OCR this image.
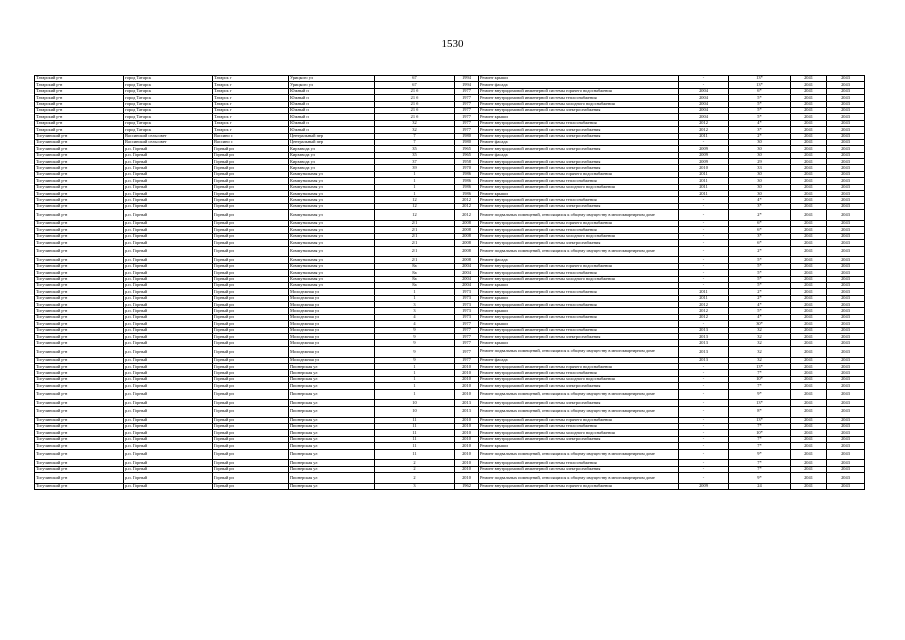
1530
Татарский р-н	город Татарск	Татарск г	Урицкого ул	67	1994	Ремонт крыши	-	13*	2041	2043
Татарский р-н	город Татарск	Татарск г	Урицкого ул	67	1994	Ремонт фасада	-	13*	2041	2043
Татарский р-н	город Татарск	Татарск г	Южный п	21 б	1977	Ремонт внутридомовой инженерной системы горячего водоснабжения	2004	6*	2041	2043
Татарский р-н	город Татарск	Татарск г	Южный п	21 б	1977	Ремонт внутридомовой инженерной системы теплоснабжения	2004	5*	2041	2043
Татарский р-н	город Татарск	Татарск г	Южный п	21 б	1977	Ремонт внутридомовой инженерной системы холодного водоснабжения	2004	5*	2041	2043
Татарский р-н	город Татарск	Татарск г	Южный п	21 б	1977	Ремонт внутридомовой инженерной системы электроснабжения	2004	5*	2041	2043
Татарский р-н	город Татарск	Татарск г	Южный п	21 б	1977	Ремонт крыши	2004	5*	2041	2043
Татарский р-н	город Татарск	Татарск г	Южный п	32	1977	Ремонт внутридомовой инженерной системы теплоснабжения	2012	4*	2041	2043
Татарский р-н	город Татарск	Татарск г	Южный п	32	1977	Ремонт внутридомовой инженерной системы электроснабжения	2012	3*	2041	2043
Тогучинский р-н	Вассинский сельсовет	Вассино с	Центральный пер	7	1980	Ремонт внутридомовой инженерной системы электроснабжения	2011	2*	2041	2043
Тогучинский р-н	Вассинский сельсовет	Вассино с	Центральный пер	7	1980	Ремонт фасада	-	30	2041	2043
Тогучинский р-н	р.п. Горный	Горный рп	Кирзавода ул	35	1965	Ремонт внутридомовой инженерной системы электроснабжения	2009	30	2041	2043
Тогучинский р-н	р.п. Горный	Горный рп	Кирзавода ул	35	1965	Ремонт фасада	2009	30	2041	2043
Тогучинский р-н	р.п. Горный	Горный рп	Кирзавода ул	37	1958	Ремонт внутридомовой инженерной системы электроснабжения	2009	29	2041	2043
Тогучинский р-н	р.п. Горный	Горный рп	Кирзавода ул	39	1970	Ремонт внутридомовой инженерной системы электроснабжения	2010	33	2041	2043
Тогучинский р-н	р.п. Горный	Горный рп	Коммунальная ул	1	1986	Ремонт внутридомовой инженерной системы горячего водоснабжения	2011	30	2041	2043
Тогучинский р-н	р.п. Горный	Горный рп	Коммунальная ул	1	1986	Ремонт внутридомовой инженерной системы теплоснабжения	2011	30	2041	2043
Тогучинский р-н	р.п. Горный	Горный рп	Коммунальная ул	1	1986	Ремонт внутридомовой инженерной системы холодного водоснабжения	2011	30	2041	2043
Тогучинский р-н	р.п. Горный	Горный рп	Коммунальная ул	1	1986	Ремонт крыши	2011	30	2041	2043
Тогучинский р-н	р.п. Горный	Горный рп	Коммунальная ул	12	2012	Ремонт внутридомовой инженерной системы теплоснабжения	-	4*	2041	2043
Тогучинский р-н	р.п. Горный	Горный рп	Коммунальная ул	12	2012	Ремонт внутридомовой инженерной системы электроснабжения	-	3*	2041	2043
Тогучинский р-н	р.п. Горный	Горный рп	Коммунальная ул	12	2012	Ремонт подвальных помещений, относящихся к общему имуществу в многоквартирном доме	-	2*	2041	2043
Тогучинский р-н	р.п. Горный	Горный рп	Коммунальная ул	2/1	2008	Ремонт внутридомовой инженерной системы горячего водоснабжения	-	6*	2041	2043
Тогучинский р-н	р.п. Горный	Горный рп	Коммунальная ул	2/1	2008	Ремонт внутридомовой инженерной системы теплоснабжения	-	6*	2041	2043
Тогучинский р-н	р.п. Горный	Горный рп	Коммунальная ул	2/1	2008	Ремонт внутридомовой инженерной системы холодного водоснабжения	-	3*	2041	2043
Тогучинский р-н	р.п. Горный	Горный рп	Коммунальная ул	2/1	2008	Ремонт внутридомовой инженерной системы электроснабжения	-	6*	2041	2043
Тогучинский р-н	р.п. Горный	Горный рп	Коммунальная ул	2/1	2008	Ремонт подвальных помещений, относящихся к общему имуществу в многоквартирном доме	-	2*	2041	2043
Тогучинский р-н	р.п. Горный	Горный рп	Коммунальная ул	2/1	2008	Ремонт фасада	-	5*	2041	2043
Тогучинский р-н	р.п. Горный	Горный рп	Коммунальная ул	8а	2004	Ремонт внутридомовой инженерной системы горячего водоснабжения	-	5*	2041	2043
Тогучинский р-н	р.п. Горный	Горный рп	Коммунальная ул	8а	2004	Ремонт внутридомовой инженерной системы теплоснабжения	-	5*	2041	2043
Тогучинский р-н	р.п. Горный	Горный рп	Коммунальная ул	8а	2004	Ремонт внутридомовой инженерной системы холодного водоснабжения	-	5*	2041	2043
Тогучинский р-н	р.п. Горный	Горный рп	Коммунальная ул	8а	2004	Ремонт крыши	-	5*	2041	2043
Тогучинский р-н	р.п. Горный	Горный рп	Молодежная ул	1	1973	Ремонт внутридомовой инженерной системы теплоснабжения	2011	2*	2041	2043
Тогучинский р-н	р.п. Горный	Горный рп	Молодежная ул	1	1973	Ремонт крыши	2011	2*	2041	2043
Тогучинский р-н	р.п. Горный	Горный рп	Молодежная ул	3	1973	Ремонт внутридомовой инженерной системы теплоснабжения	2012	4*	2041	2043
Тогучинский р-н	р.п. Горный	Горный рп	Молодежная ул	3	1973	Ремонт крыши	2012	5*	2041	2043
Тогучинский р-н	р.п. Горный	Горный рп	Молодежная ул	4	1973	Ремонт внутридомовой инженерной системы теплоснабжения	2012	4*	2041	2043
Тогучинский р-н	р.п. Горный	Горный рп	Молодежная ул	4	1977	Ремонт крыши	-	30*	2041	2043
Тогучинский р-н	р.п. Горный	Горный рп	Молодежная ул	9	1977	Ремонт внутридомовой инженерной системы теплоснабжения	2013	32	2041	2043
Тогучинский р-н	р.п. Горный	Горный рп	Молодежная ул	9	1977	Ремонт внутридомовой инженерной системы электроснабжения	2013	32	2041	2043
Тогучинский р-н	р.п. Горный	Горный рп	Молодежная ул	9	1977	Ремонт крыши	2013	32	2041	2043
Тогучинский р-н	р.п. Горный	Горный рп	Молодежная ул	9	1977	Ремонт подвальных помещений, относящихся к общему имуществу в многоквартирном доме	2013	32	2041	2043
Тогучинский р-н	р.п. Горный	Горный рп	Молодежная ул	9	1977	Ремонт фасада	2013	32	2041	2043
Тогучинский р-н	р.п. Горный	Горный рп	Пионерская ул	1	2010	Ремонт внутридомовой инженерной системы горячего водоснабжения	-	13*	2041	2043
Тогучинский р-н	р.п. Горный	Горный рп	Пионерская ул	1	2010	Ремонт внутридомовой инженерной системы теплоснабжения	-	7*	2041	2043
Тогучинский р-н	р.п. Горный	Горный рп	Пионерская ул	1	2010	Ремонт внутридомовой инженерной системы холодного водоснабжения	-	10*	2041	2043
Тогучинский р-н	р.п. Горный	Горный рп	Пионерская ул	1	2010	Ремонт внутридомовой инженерной системы электроснабжения	-	7*	2041	2043
Тогучинский р-н	р.п. Горный	Горный рп	Пионерская ул	1	2010	Ремонт подвальных помещений, относящихся к общему имуществу в многоквартирном доме	-	9*	2041	2043
Тогучинский р-н	р.п. Горный	Горный рп	Пионерская ул	10	2013	Ремонт внутридомовой инженерной системы электроснабжения	-	13*	2041	2043
Тогучинский р-н	р.п. Горный	Горный рп	Пионерская ул	10	2013	Ремонт подвальных помещений, относящихся к общему имуществу в многоквартирном доме	-	8*	2041	2043
Тогучинский р-н	р.п. Горный	Горный рп	Пионерская ул	11	2010	Ремонт внутридомовой инженерной системы горячего водоснабжения	-	13*	2041	2043
Тогучинский р-н	р.п. Горный	Горный рп	Пионерская ул	11	2010	Ремонт внутридомовой инженерной системы теплоснабжения	-	7*	2041	2043
Тогучинский р-н	р.п. Горный	Горный рп	Пионерская ул	11	2010	Ремонт внутридомовой инженерной системы холодного водоснабжения	-	10*	2041	2043
Тогучинский р-н	р.п. Горный	Горный рп	Пионерская ул	11	2010	Ремонт внутридомовой инженерной системы электроснабжения	-	7*	2041	2043
Тогучинский р-н	р.п. Горный	Горный рп	Пионерская ул	11	2010	Ремонт крыши	-	7*	2041	2043
Тогучинский р-н	р.п. Горный	Горный рп	Пионерская ул	11	2010	Ремонт подвальных помещений, относящихся к общему имуществу в многоквартирном доме	-	9*	2041	2043
Тогучинский р-н	р.п. Горный	Горный рп	Пионерская ул	2	2010	Ремонт внутридомовой инженерной системы теплоснабжения	-	7*	2041	2043
Тогучинский р-н	р.п. Горный	Горный рп	Пионерская ул	2	2010	Ремонт внутридомовой инженерной системы электроснабжения	-	7*	2041	2043
Тогучинский р-н	р.п. Горный	Горный рп	Пионерская ул	2	2010	Ремонт подвальных помещений, относящихся к общему имуществу в многоквартирном доме	-	9*	2041	2043
Тогучинский р-н	р.п. Горный	Горный рп	Пионерская ул	3	1962	Ремонт внутридомовой инженерной системы горячего водоснабжения	2009	24	2041	2043
